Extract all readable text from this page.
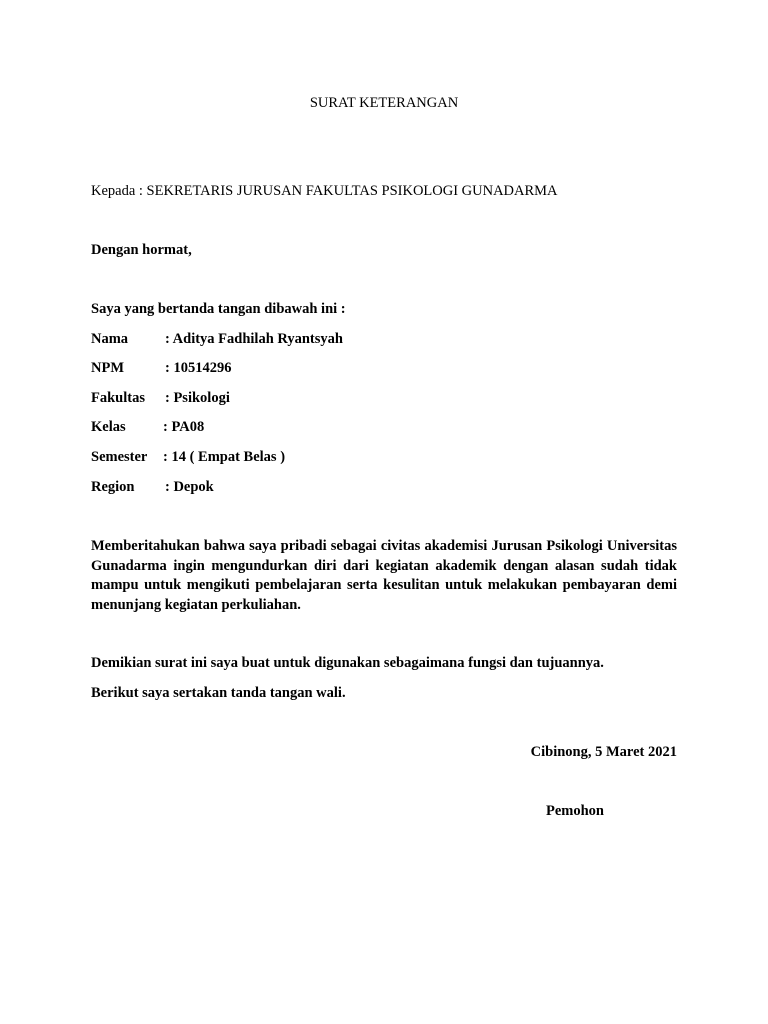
SURAT KETERANGAN
Kepada : SEKRETARIS JURUSAN FAKULTAS PSIKOLOGI GUNADARMA
Dengan hormat,
Saya yang bertanda tangan dibawah ini :
Nama	: Aditya Fadhilah Ryantsyah
NPM	: 10514296
Fakultas : Psikologi
Kelas	: PA08
Semester : 14 ( Empat Belas )
Region : Depok
Memberitahukan bahwa saya pribadi sebagai civitas akademisi Jurusan Psikologi Universitas Gunadarma ingin mengundurkan diri dari kegiatan akademik dengan alasan sudah tidak mampu untuk mengikuti pembelajaran serta kesulitan untuk melakukan pembayaran demi menunjang kegiatan perkuliahan.
Demikian surat ini saya buat untuk digunakan sebagaimana fungsi dan tujuannya.
Berikut saya sertakan tanda tangan wali.
Cibinong, 5 Maret 2021
Pemohon
